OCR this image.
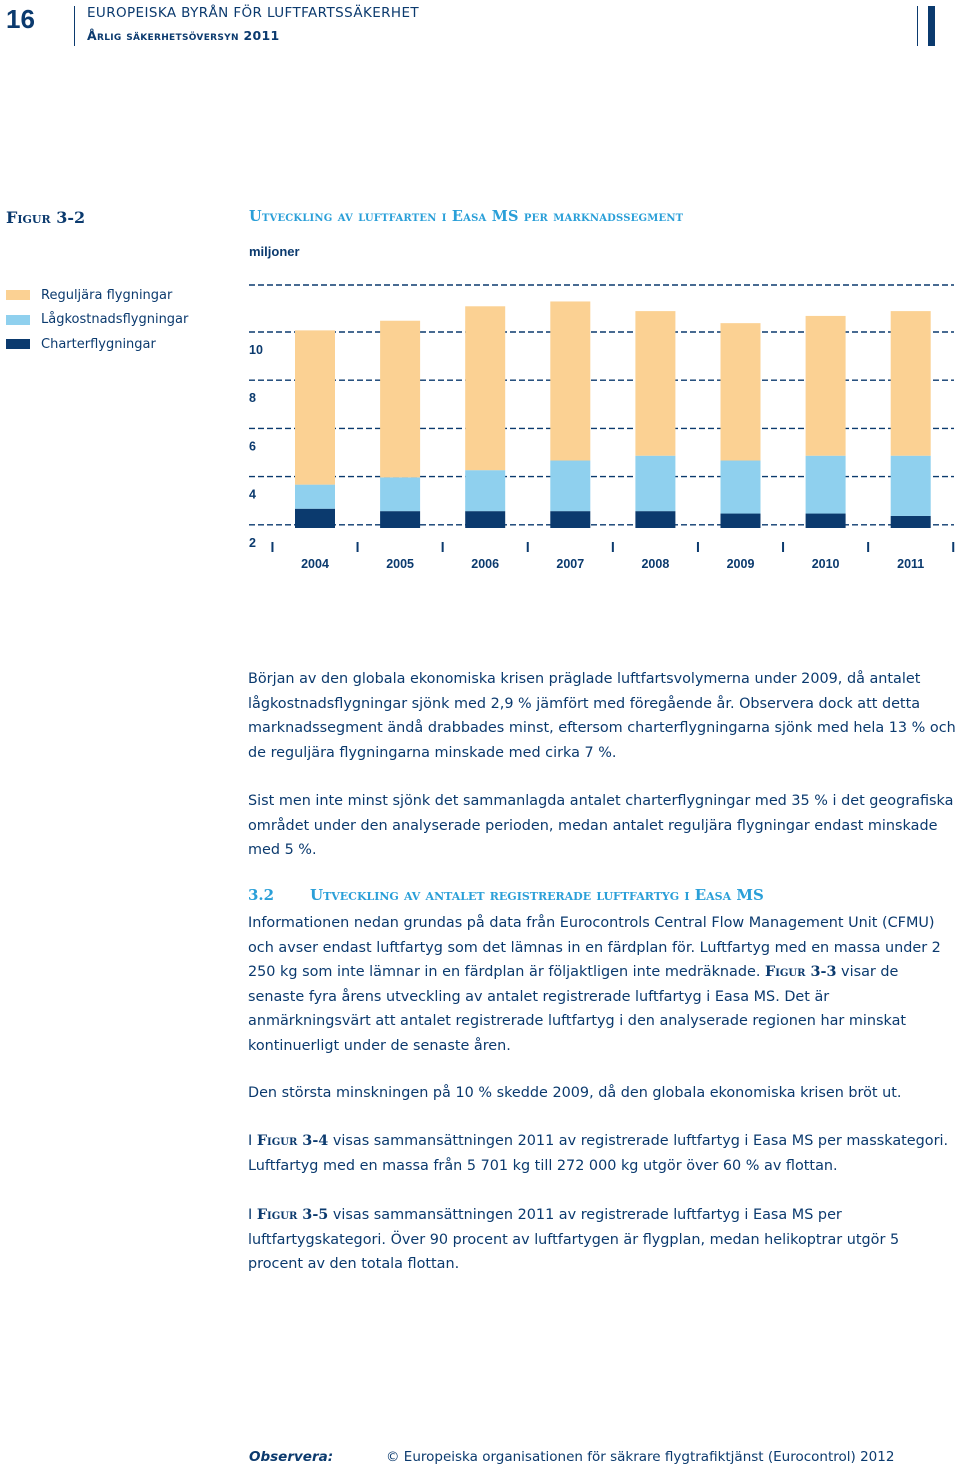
16	EUROPEISKA BYRÅN FÖR LUFTFARTSSÄKERHET
Årlig säkerhetsöversyn 2011
Figur 3-2	Utveckling av luftfarten i Easa MS per marknadssegment
Reguljära flygningar
Lågkostnadsflygningar
Charterflygningar	10
8
6
4
2
2004	2005	2006	2007	2008	2009	2010	2011
miljoner

Början av den globala ekonomiska krisen präglade luftfartsvolymerna under 2009, då antalet lågkostnadsflygningar sjönk med 2,9 % jämfört med föregående år. Observera dock att detta marknadssegment ändå drabbades minst, eftersom charterflygningarna sjönk med hela 13 % och de reguljära flygningarna minskade med cirka 7 %.

Sist men inte minst sjönk det sammanlagda antalet charterflygningar med 35 % i det geografiska området under den analyserade perioden, medan antalet reguljära flygningar endast minskade med 5 %.

3.2 Utveckling av antalet registrerade luftfartyg i Easa MS

Informationen nedan grundas på data från Eurocontrols Central Flow Management Unit (CFMU) och avser endast luftfartyg som det lämnas in en färdplan för. Luftfartyg med en massa under 2 250 kg som inte lämnar in en färdplan är följaktligen inte medräknade. Figur 3-3 visar de senaste fyra årens utveckling av antalet registrerade luftfartyg i Easa MS. Det är anmärkningsvärt att antalet registrerade luftfartyg i den analyserade regionen har minskat kontinuerligt under de senaste åren.

Den största minskningen på 10 % skedde 2009, då den globala ekonomiska krisen bröt ut.

I Figur 3-4 visas sammansättningen 2011 av registrerade luftfartyg i Easa MS per masskategori. Luftfartyg med en massa från 5 701 kg till 272 000 kg utgör över 60 % av flottan.

I Figur 3-5 visas sammansättningen 2011 av registrerade luftfartyg i Easa MS per luftfartygskategori. Över 90 procent av luftfartygen är flygplan, medan helikoptrar utgör 5 procent av den totala flottan.

Observera:	© Europeiska organisationen för säkrare flygtrafiktjänst (Eurocontrol) 2012
